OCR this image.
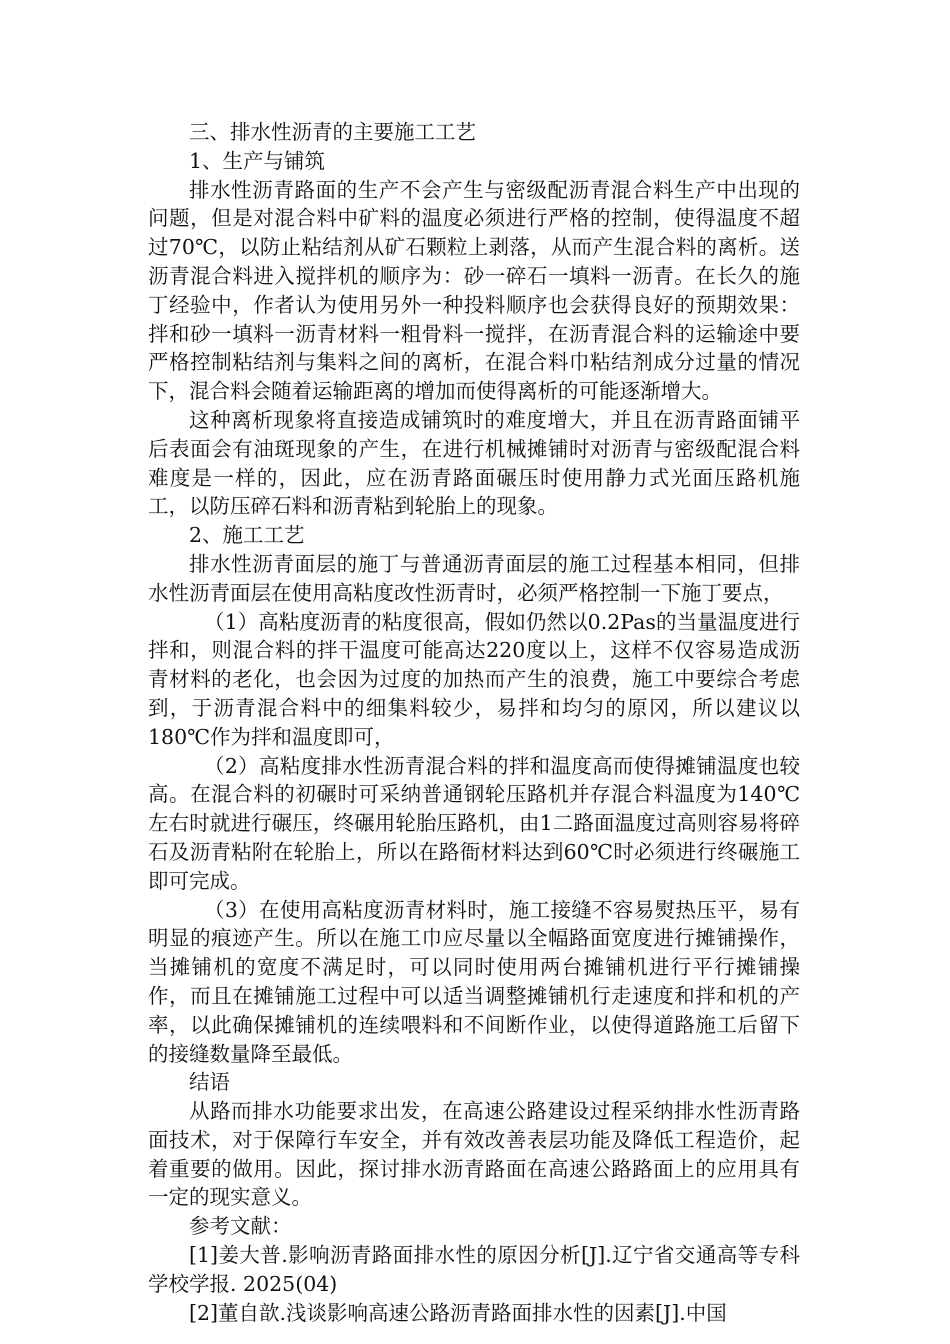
三、排水性沥青的主要施工工艺

1、生产与铺筑

排水性沥青路面的生产不会产生与密级配沥青混合料生产中出现的问题，但是对混合料中矿料的温度必须进行严格的控制，使得温度不超过70℃，以防止粘结剂从矿石颗粒上剥落，从而产生混合料的离析。送沥青混合料进入搅拌机的顺序为：砂一碎石一填料一沥青。在长久的施丁经验中，作者认为使用另外一种投料顺序也会获得良好的预期效果：拌和砂一填料一沥青材料一粗骨料一搅拌，在沥青混合料的运输途中要严格控制粘结剂与集料之间的离析，在混合料巾粘结剂成分过量的情况下，混合料会随着运输距离的增加而使得离析的可能逐渐增大。

这种离析现象将直接造成铺筑时的难度增大，并且在沥青路面铺平后表面会有油斑现象的产生，在进行机械摊铺时对沥青与密级配混合料难度是一样的，因此，应在沥青路面碾压时使用静力式光面压路机施工，以防压碎石料和沥青粘到轮胎上的现象。

2、施工工艺

排水性沥青面层的施丁与普通沥青面层的施工过程基本相同，但排水性沥青面层在使用高粘度改性沥青时，必须严格控制一下施丁要点，

（1）高粘度沥青的粘度很高，假如仍然以0.2Pas的当量温度进行拌和，则混合料的拌干温度可能高达220度以上，这样不仅容易造成沥青材料的老化，也会因为过度的加热而产生的浪费，施工中要综合考虑到，于沥青混合料中的细集料较少，易拌和均匀的原冈，所以建议以180℃作为拌和温度即可，

（2）高粘度排水性沥青混合料的拌和温度高而使得摊铺温度也较高。在混合料的初碾时可采纳普通钢轮压路机并存混合料温度为140℃左右时就进行碾压，终碾用轮胎压路机，由1二路面温度过高则容易将碎石及沥青粘附在轮胎上，所以在路衙材料达到60℃时必须进行终碾施工即可完成。

（3）在使用高粘度沥青材料时，施工接缝不容易熨热压平，易有明显的痕迹产生。所以在施工巾应尽量以全幅路面宽度进行摊铺操作，当摊铺机的宽度不满足时，可以同时使用两台摊铺机进行平行摊铺操作，而且在摊铺施工过程中可以适当调整摊铺机行走速度和拌和机的产率，以此确保摊铺机的连续喂料和不间断作业，以使得道路施工后留下的接缝数量降至最低。

结语

从路而排水功能要求出发，在高速公路建设过程采纳排水性沥青路面技术，对于保障行车安全，并有效改善表层功能及降低工程造价，起着重要的做用。因此，探讨排水沥青路面在高速公路路面上的应用具有一定的现实意义。

参考文献：

[1]姜大普.影响沥青路面排水性的原因分析[J].辽宁省交通高等专科学校学报. 2025(04)

[2]董自歆.浅谈影响高速公路沥青路面排水性的因素[J].中国
